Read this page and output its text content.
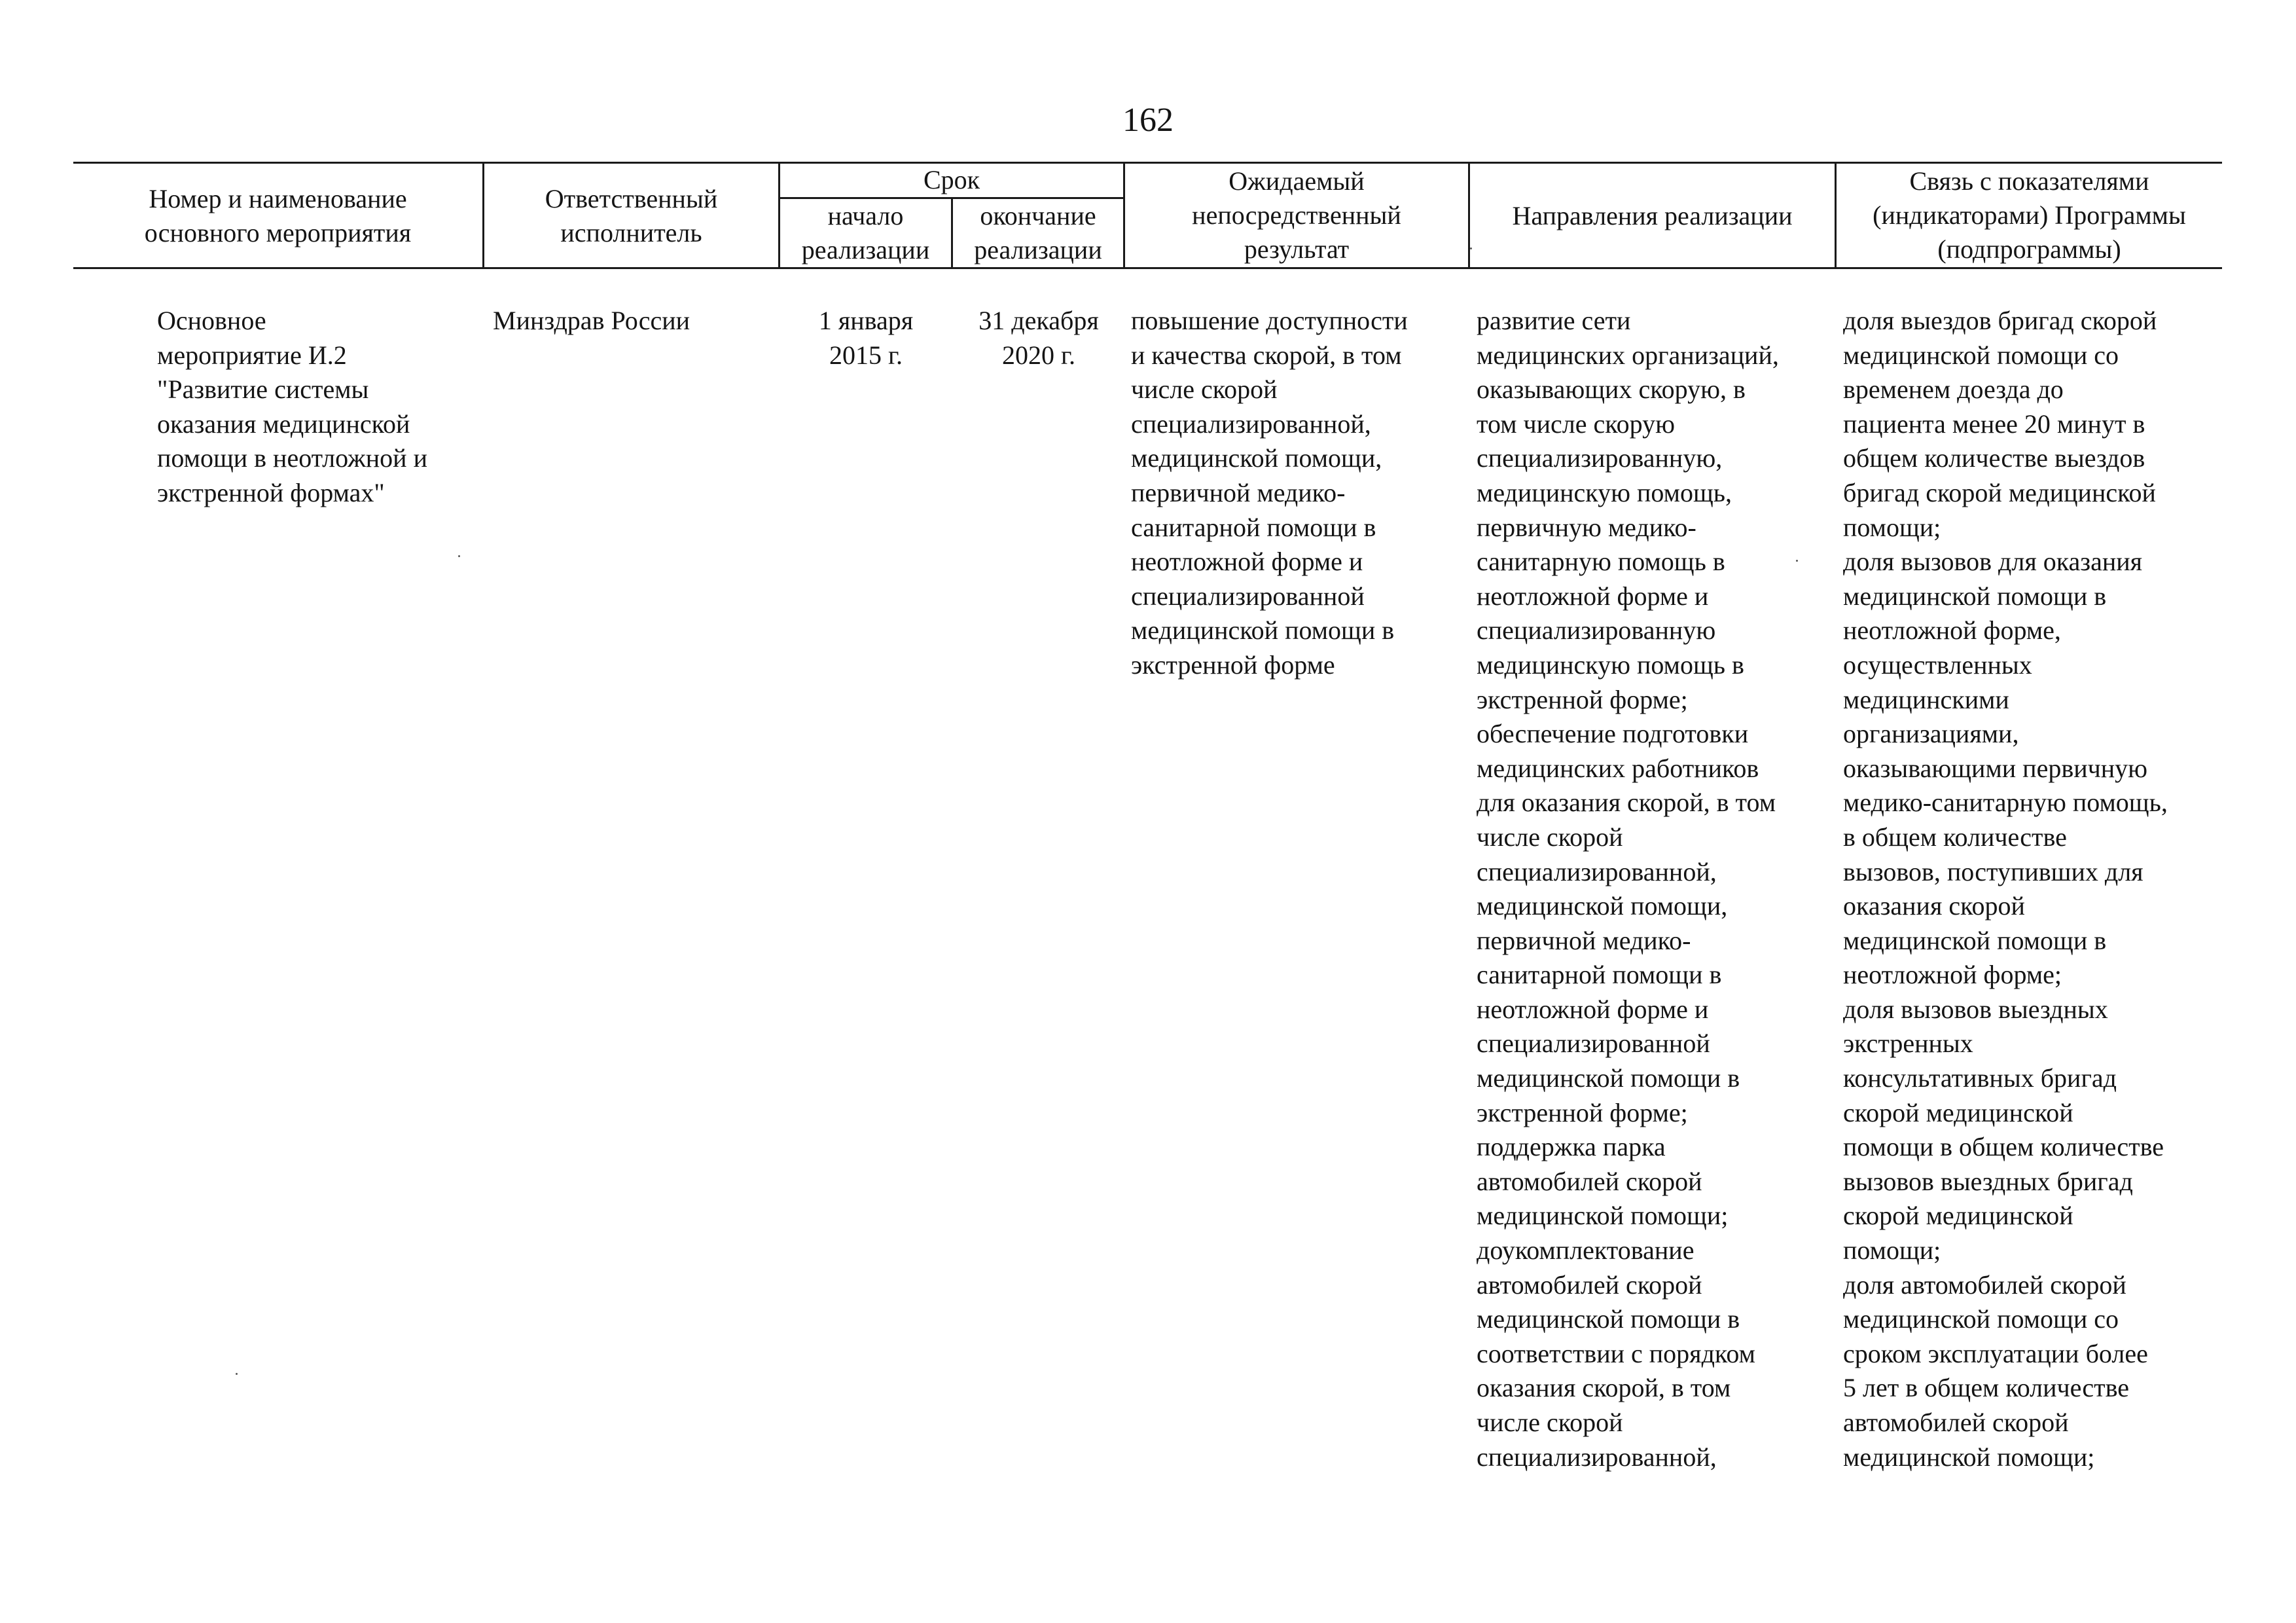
162
Номер и наименование
основного мероприятия
Ответственный
исполнитель
Срок
начало
реализации
окончание
реализации
Ожидаемый
непосредственный
результат
Направления реализации
Связь с показателями
(индикаторами) Программы
(подпрограммы)
Основное
мероприятие И.2
"Развитие системы
оказания медицинской
помощи в неотложной и
экстренной формах"
Минздрав России	1 января
2015 г.
31 декабря
2020 г.
повышение доступности
и качества скорой, в том
числе скорой
специализированной,
медицинской помощи,
первичной медико-
санитарной помощи в
неотложной форме и
специализированной
медицинской помощи в
экстренной форме
развитие сети
медицинских организаций,
оказывающих скорую, в
том числе скорую
специализированную,
медицинскую помощь,
первичную медико-
санитарную помощь в
неотложной форме и
специализированную
медицинскую помощь в
экстренной форме;
обеспечение подготовки
медицинских работников
для оказания скорой, в том
числе скорой
специализированной,
медицинской помощи,
первичной медико-
санитарной помощи в
неотложной форме и
специализированной
медицинской помощи в
экстренной форме;
поддержка парка
автомобилей скорой
медицинской помощи;
доукомплектование
автомобилей скорой
медицинской помощи в
соответствии с порядком
оказания скорой, в том
числе скорой
специализированной,
доля выездов бригад скорой
медицинской помощи со
временем доезда до
пациента менее 20 минут в
общем количестве выездов
бригад скорой медицинской
помощи;
доля вызовов для оказания
медицинской помощи в
неотложной форме,
осуществленных
медицинскими
организациями,
оказывающими первичную
медико-санитарную помощь,
в общем количестве
вызовов, поступивших для
оказания скорой
медицинской помощи в
неотложной форме;
доля вызовов выездных
экстренных
консультативных бригад
скорой медицинской
помощи в общем количестве
вызовов выездных бригад
скорой медицинской
помощи;
доля автомобилей скорой
медицинской помощи со
сроком эксплуатации более
5 лет в общем количестве
автомобилей скорой
медицинской помощи;
